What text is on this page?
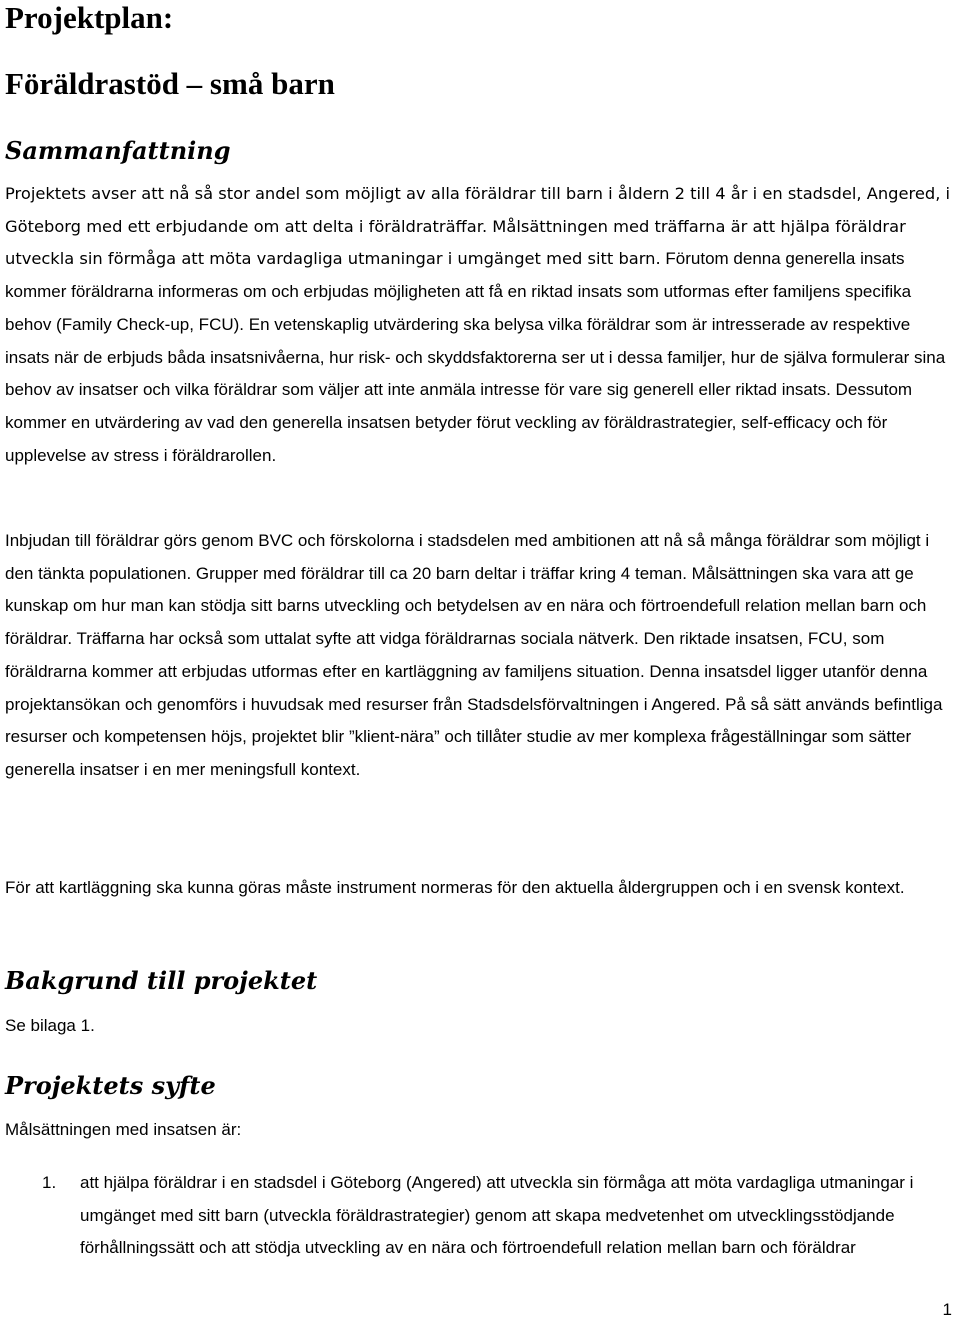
Projektplan:
Föräldrastöd – små barn
Sammanfattning

Projektets avser att nå så stor andel som möjligt av alla föräldrar till barn i åldern 2 till 4 år i en stadsdel, Angered, i Göteborg med ett erbjudande om att delta i föräldraträffar. Målsättningen med träffarna är att hjälpa föräldrar utveckla sin förmåga att möta vardagliga utmaningar i umgänget med sitt barn. Förutom denna generella insats kommer föräldrarna informeras om och erbjudas möjligheten att få en riktad insats som utformas efter familjens specifika behov (Family Check-up, FCU). En vetenskaplig utvärdering ska belysa vilka föräldrar som är intresserade av respektive insats när de erbjuds båda insatsnivåerna, hur risk- och skyddsfaktorerna ser ut i dessa familjer, hur de själva formulerar sina behov av insatser och vilka föräldrar som väljer att inte anmäla intresse för vare sig generell eller riktad insats. Dessutom kommer en utvärdering av vad den generella insatsen betyder förut veckling av föräldrastrategier, self-efficacy och för upplevelse av stress i föräldrarollen.

Inbjudan till föräldrar görs genom BVC och förskolorna i stadsdelen med ambitionen att nå så många föräldrar som möjligt i den tänkta populationen. Grupper med föräldrar till ca 20 barn deltar i träffar kring 4 teman. Målsättningen ska vara att ge kunskap om hur man kan stödja sitt barns utveckling och betydelsen av en nära och förtroendefull relation mellan barn och föräldrar. Träffarna har också som uttalat syfte att vidga föräldrarnas sociala nätverk. Den riktade insatsen, FCU, som föräldrarna kommer att erbjudas utformas efter en kartläggning av familjens situation. Denna insatsdel ligger utanför denna projektansökan och genomförs i huvudsak med resurser från Stadsdelsförvaltningen i Angered. På så sätt används befintliga resurser och kompetensen höjs, projektet blir ”klient-nära” och tillåter studie av mer komplexa frågeställningar som sätter generella insatser i en mer meningsfull kontext.

För att kartläggning ska kunna göras måste instrument normeras för den aktuella åldergruppen och i en svensk kontext.

Bakgrund till projektet

Se bilaga 1.

Projektets syfte

Målsättningen med insatsen är:

1. att hjälpa föräldrar i en stadsdel i Göteborg (Angered) att utveckla sin förmåga att möta vardagliga utmaningar i umgänget med sitt barn (utveckla föräldrastrategier) genom att skapa medvetenhet om utvecklingsstödjande förhållningssätt och att stödja utveckling av en nära och förtroendefull relation mellan barn och föräldrar
1
